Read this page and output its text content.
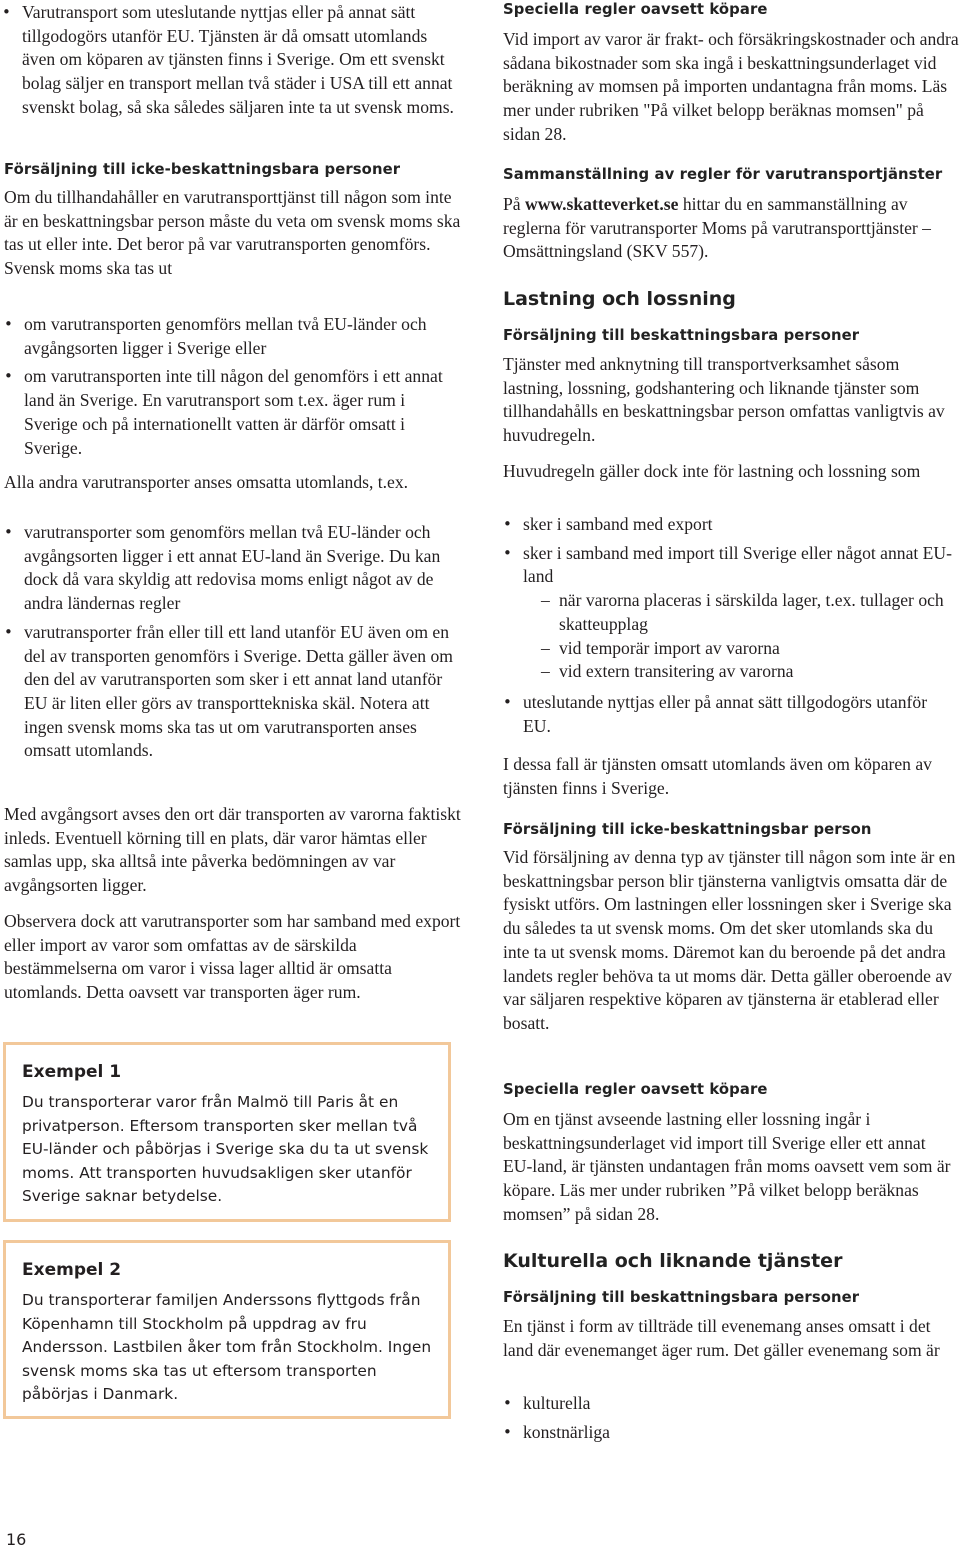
• Varutransport som uteslutande nyttjas eller på annat sätt tillgodogörs utanför EU. Tjänsten är då omsatt utomlands även om köparen av tjänsten finns i Sverige. Om ett svenskt bolag säljer en transport mellan två städer i USA till ett annat svenskt bolag, så ska således säljaren inte ta ut svensk moms.
Försäljning till icke-beskattningsbara personer

Om du tillhandahåller en varutransporttjänst till någon som inte är en beskattningsbar person måste du veta om svensk moms ska tas ut eller inte. Det beror på var varutransporten genomförs. Svensk moms ska tas ut

• om varutransporten genomförs mellan två EU-länder och avgångsorten ligger i Sverige eller
• om varutransporten inte till någon del genomförs i ett annat land än Sverige. En varutransport som t.ex. äger rum i Sverige och på internationellt vatten är därför omsatt i Sverige.

Alla andra varutransporter anses omsatta utomlands, t.ex.

• varutransporter som genomförs mellan två EU-länder och avgångsorten ligger i ett annat EU-land än Sverige. Du kan dock då vara skyldig att redovisa moms enligt något av de andra ländernas regler
• varutransporter från eller till ett land utanför EU även om en del av transporten genomförs i Sverige. Detta gäller även om den del av varutransporten som sker i ett annat land utanför EU är liten eller görs av transporttekniska skäl. Notera att ingen svensk moms ska tas ut om varutransporten anses omsatt utomlands.

Med avgångsort avses den ort där transporten av varorna faktiskt inleds. Eventuell körning till en plats, där varor hämtas eller samlas upp, ska alltså inte påverka bedömningen av var avgångsorten ligger.

Observera dock att varutransporter som har samband med export eller import av varor som omfattas av de särskilda bestämmelserna om varor i vissa lager alltid är omsatta utomlands. Detta oavsett var transporten äger rum.

Exempel 1
Du transporterar varor från Malmö till Paris åt en privatperson. Eftersom transporten sker mellan två EU-länder och påbörjas i Sverige ska du ta ut svensk moms. Att transporten huvudsakligen sker utanför Sverige saknar betydelse.
Exempel 2
Du transporterar familjen Anderssons flyttgods från Köpenhamn till Stockholm på uppdrag av fru Andersson. Lastbilen åker tom från Stockholm. Ingen svensk moms ska tas ut eftersom transporten påbörjas i Danmark.
Speciella regler oavsett köpare

Vid import av varor är frakt- och försäkringskostnader och andra sådana bikostnader som ska ingå i beskattningsunderlaget vid beräkning av momsen på importen undantagna från moms. Läs mer under rubriken "På vilket belopp beräknas momsen" på sidan 28.

Sammanställning av regler för varutransportjänster

På www.skatteverket.se hittar du en sammanställning av reglerna för varutransporter Moms på varutransporttjänster – Omsättningsland (SKV 557).

Lastning och lossning
Försäljning till beskattningsbara personer

Tjänster med anknytning till transportverksamhet såsom lastning, lossning, godshantering och liknande tjänster som tillhandahålls en beskattningsbar person omfattas vanligtvis av huvudregeln.

Huvudregeln gäller dock inte för lastning och lossning som

• sker i samband med export
• sker i samband med import till Sverige eller något annat EU-land
– när varorna placeras i särskilda lager, t.ex. tullager och skatteupplag
– vid temporär import av varorna
– vid extern transitering av varorna
• uteslutande nyttjas eller på annat sätt tillgodogörs utanför EU.

I dessa fall är tjänsten omsatt utomlands även om köparen av tjänsten finns i Sverige.

Försäljning till icke-beskattningsbar person

Vid försäljning av denna typ av tjänster till någon som inte är en beskattningsbar person blir tjänsterna vanligtvis omsatta där de fysiskt utförs. Om lastningen eller lossningen sker i Sverige ska du således ta ut svensk moms. Om det sker utomlands ska du inte ta ut svensk moms. Däremot kan du beroende på det andra landets regler behöva ta ut moms där. Detta gäller oberoende av var säljaren respektive köparen av tjänsterna är etablerad eller bosatt.

Speciella regler oavsett köpare

Om en tjänst avseende lastning eller lossning ingår i beskattningsunderlaget vid import till Sverige eller ett annat EU-land, är tjänsten undantagen från moms oavsett vem som är köpare. Läs mer under rubriken ”På vilket belopp beräknas momsen” på sidan 28.

Kulturella och liknande tjänster
Försäljning till beskattningsbara personer

En tjänst i form av tillträde till evenemang anses omsatt i det land där evenemanget äger rum. Det gäller evenemang som är

• kulturella
• konstnärliga
16
